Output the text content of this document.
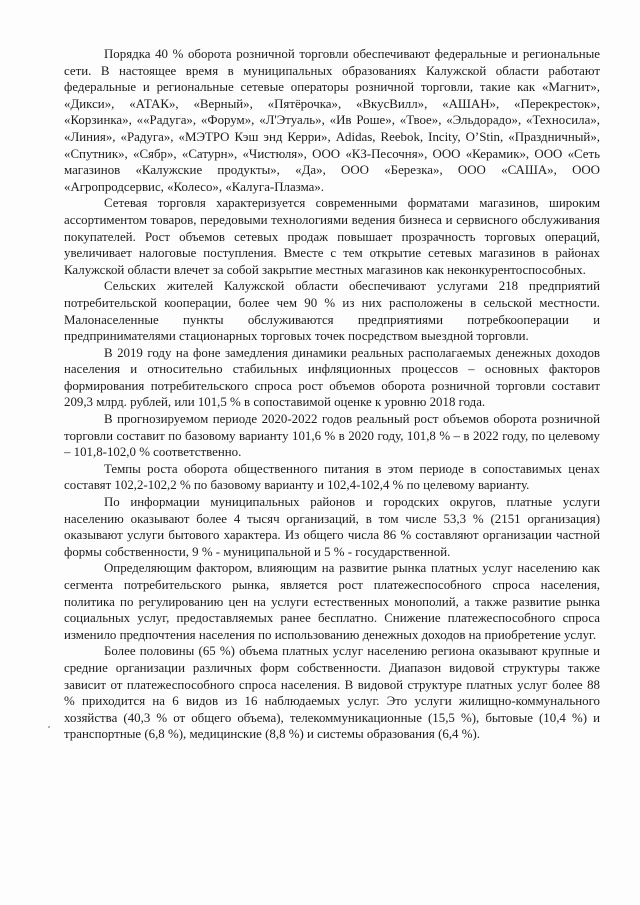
Порядка 40 % оборота розничной торговли обеспечивают федеральные и региональные сети. В настоящее время в муниципальных образованиях Калужской области работают федеральные и региональные сетевые операторы розничной торговли, такие как «Магнит», «Дикси», «АТАК», «Верный», «Пятёрочка», «ВкусВилл», «АШАН», «Перекресток», «Корзинка», ««Радуга», «Форум», «Л'Этуаль», «Ив Роше», «Твое», «Эльдорадо», «Техносила», «Линия», «Радуга», «МЭТРО Кэш энд Керри», Adidas, Reebok, Incity, O’Stin, «Праздничный», «Спутник», «Сябр», «Сатурн», «Чистюля», ООО «КЗ-Песочня», ООО «Керамик», ООО «Сеть магазинов «Калужские продукты», «Да», ООО «Березка», ООО «САША», ООО «Агропродсервис, «Колесо», «Калуга-Плазма».

Сетевая торговля характеризуется современными форматами магазинов, широким ассортиментом товаров, передовыми технологиями ведения бизнеса и сервисного обслуживания покупателей. Рост объемов сетевых продаж повышает прозрачность торговых операций, увеличивает налоговые поступления. Вместе с тем открытие сетевых магазинов в районах Калужской области влечет за собой закрытие местных магазинов как неконкурентоспособных.

Сельских жителей Калужской области обеспечивают услугами 218 предприятий потребительской кооперации, более чем 90 % из них расположены в сельской местности. Малонаселенные пункты обслуживаются предприятиями потребкооперации и предпринимателями стационарных торговых точек посредством выездной торговли.

В 2019 году на фоне замедления динамики реальных располагаемых денежных доходов населения и относительно стабильных инфляционных процессов – основных факторов формирования потребительского спроса рост объемов оборота розничной торговли составит 209,3 млрд. рублей, или 101,5 % в сопоставимой оценке к уровню 2018 года.

В прогнозируемом периоде 2020-2022 годов реальный рост объемов оборота розничной торговли составит по базовому варианту 101,6 % в 2020 году, 101,8 % – в 2022 году, по целевому – 101,8-102,0 % соответственно.

Темпы роста оборота общественного питания в этом периоде в сопоставимых ценах составят 102,2-102,2 % по базовому варианту и 102,4-102,4 % по целевому варианту.

По информации муниципальных районов и городских округов, платные услуги населению оказывают более 4 тысяч организаций, в том числе 53,3 % (2151 организация) оказывают услуги бытового характера. Из общего числа 86 % составляют организации частной формы собственности, 9 % - муниципальной и 5 % - государственной.

Определяющим фактором, влияющим на развитие рынка платных услуг населению как сегмента потребительского рынка, является рост платежеспособного спроса населения, политика по регулированию цен на услуги естественных монополий, а также развитие рынка социальных услуг, предоставляемых ранее бесплатно. Снижение платежеспособного спроса изменило предпочтения населения по использованию денежных доходов на приобретение услуг.

Более половины (65 %) объема платных услуг населению региона оказывают крупные и средние организации различных форм собственности. Диапазон видовой структуры также зависит от платежеспособного спроса населения. В видовой структуре платных услуг более 88 % приходится на 6 видов из 16 наблюдаемых услуг. Это услуги жилищно-коммунального хозяйства (40,3 % от общего объема), телекоммуникационные (15,5 %), бытовые (10,4 %) и транспортные (6,8 %), медицинские (8,8 %) и системы образования (6,4 %).
